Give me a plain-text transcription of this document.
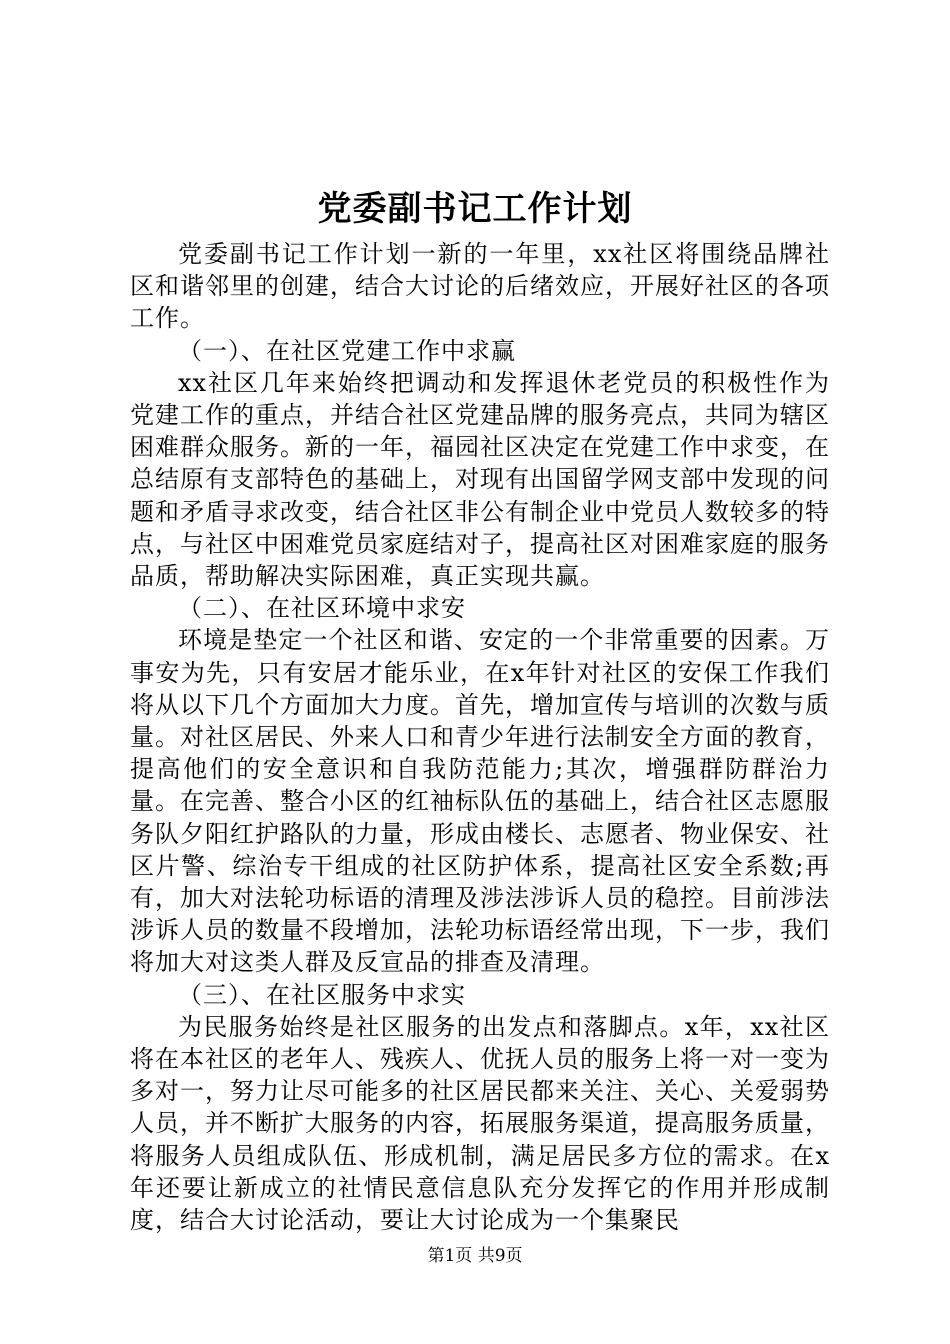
党委副书记工作计划

党委副书记工作计划一新的一年里，xx社区将围绕品牌社区和谐邻里的创建，结合大讨论的后绪效应，开展好社区的各项工作。

（一）、在社区党建工作中求赢

xx社区几年来始终把调动和发挥退休老党员的积极性作为党建工作的重点，并结合社区党建品牌的服务亮点，共同为辖区困难群众服务。新的一年，福园社区决定在党建工作中求变，在总结原有支部特色的基础上，对现有出国留学网支部中发现的问题和矛盾寻求改变，结合社区非公有制企业中党员人数较多的特点，与社区中困难党员家庭结对子，提高社区对困难家庭的服务品质，帮助解决实际困难，真正实现共赢。

（二）、在社区环境中求安

环境是垫定一个社区和谐、安定的一个非常重要的因素。万事安为先，只有安居才能乐业，在x年针对社区的安保工作我们将从以下几个方面加大力度。首先，增加宣传与培训的次数与质量。对社区居民、外来人口和青少年进行法制安全方面的教育，提高他们的安全意识和自我防范能力;其次，增强群防群治力量。在完善、整合小区的红袖标队伍的基础上，结合社区志愿服务队夕阳红护路队的力量，形成由楼长、志愿者、物业保安、社区片警、综治专干组成的社区防护体系，提高社区安全系数;再有，加大对法轮功标语的清理及涉法涉诉人员的稳控。目前涉法涉诉人员的数量不段增加，法轮功标语经常出现，下一步，我们将加大对这类人群及反宣品的排查及清理。

（三）、在社区服务中求实

为民服务始终是社区服务的出发点和落脚点。x年，xx社区将在本社区的老年人、残疾人、优抚人员的服务上将一对一变为多对一，努力让尽可能多的社区居民都来关注、关心、关爱弱势人员，并不断扩大服务的内容，拓展服务渠道，提高服务质量，将服务人员组成队伍、形成机制，满足居民多方位的需求。在x年还要让新成立的社情民意信息队充分发挥它的作用并形成制度，结合大讨论活动，要让大讨论成为一个集聚民

第1页 共9页
